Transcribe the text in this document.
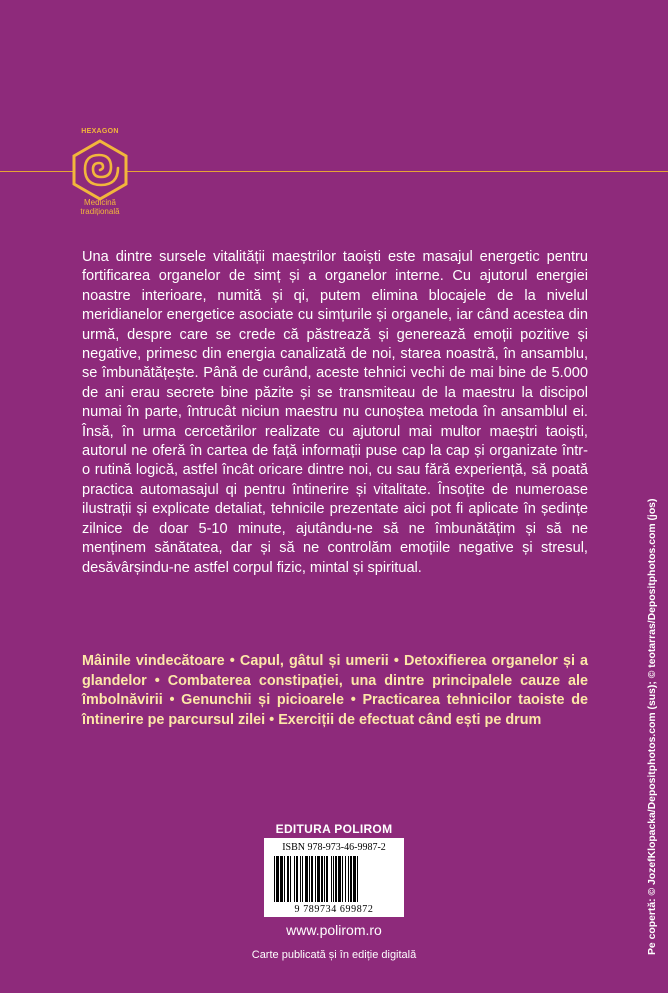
HEXAGON
Medicină
tradițională

Una dintre sursele vitalității maeștrilor taoiști este masajul energetic pentru fortificarea organelor de simț și a organelor interne. Cu ajutorul energiei noastre interioare, numită și qi, putem elimina blocajele de la nivelul meridianelor energetice asociate cu simțurile și organele, iar când acestea din urmă, despre care se crede că păstrează și generează emoții pozitive și negative, primesc din energia canalizată de noi, starea noastră, în ansamblu, se îmbunătățește. Până de curând, aceste tehnici vechi de mai bine de 5.000 de ani erau secrete bine păzite și se transmiteau de la maestru la discipol numai în parte, întrucât niciun maestru nu cunoștea metoda în ansamblul ei. Însă, în urma cercetărilor realizate cu ajutorul mai multor maeștri taoiști, autorul ne oferă în cartea de față informații puse cap la cap și organizate într-o rutină logică, astfel încât oricare dintre noi, cu sau fără experiență, să poată practica automasajul qi pentru întinerire și vitalitate. Însoțite de numeroase ilustrații și explicate detaliat, tehnicile prezentate aici pot fi aplicate în ședințe zilnice de doar 5-10 minute, ajutându-ne să ne îmbunătățim și să ne menținem sănătatea, dar și să ne controlăm emoțiile negative și stresul, desăvârșindu-ne astfel corpul fizic, mintal și spiritual.

Mâinile vindecătoare • Capul, gâtul și umerii • Detoxifierea organelor și a glandelor • Combaterea constipației, una dintre principalele cauze ale îmbolnăvirii • Genunchii și picioarele • Practicarea tehnicilor taoiste de întinerire pe parcursul zilei • Exerciții de efectuat când ești pe drum

EDITURA POLIROM
ISBN 978-973-46-9987-2
9 789734 699872
www.polirom.ro
Carte publicată și în ediție digitală	Pe copertă: © JozefKlopacka/Depositphotos.com (sus); © teotarras/Depositphotos.com (jos)
